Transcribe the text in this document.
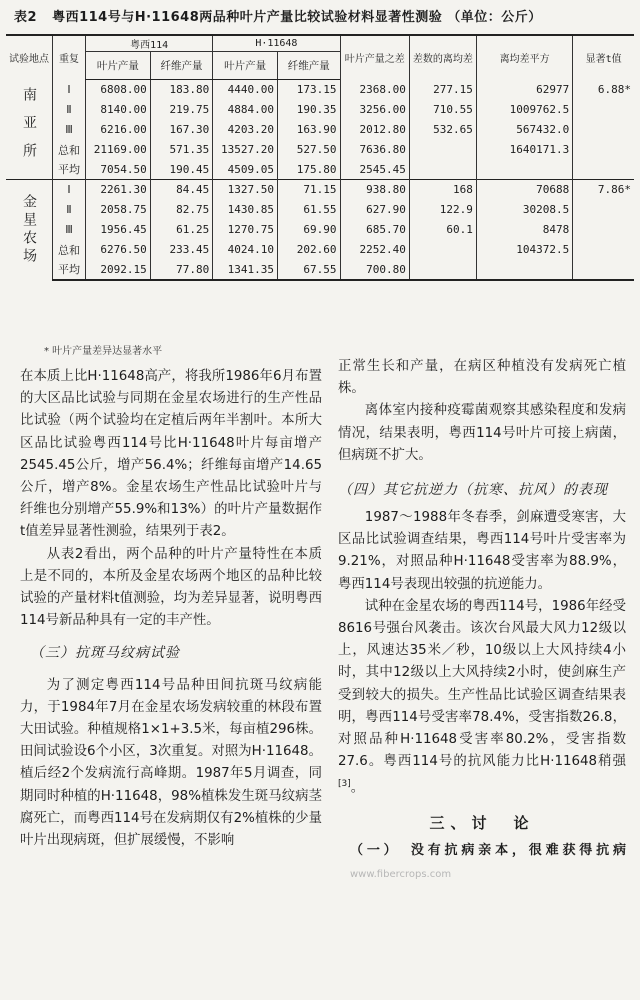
表2 粤西114号与H·11648两品种叶片产量比较试验材料显著性测验 （单位：公斤）
试验地点	重复	粤西114		H·11648		叶片产量之差	差数的离均差	离均差平方	显著t值
		叶片产量	纤维产量	叶片产量	纤维产量				
南亚所	Ⅰ	6808.00	183.80	4440.00	173.15	2368.00	277.15	62977	6.88*
	Ⅱ	8140.00	219.75	4884.00	190.35	3256.00	710.55	1009762.5	
	Ⅲ	6216.00	167.30	4203.20	163.90	2012.80	532.65	567432.0	
	总和	21169.00	571.35	13527.20	527.50	7636.80		1640171.3	
	平均	7054.50	190.45	4509.05	175.80	2545.45			
金星农场	Ⅰ	2261.30	84.45	1327.50	71.15	938.80	168	70688	7.86*
	Ⅱ	2058.75	82.75	1430.85	61.55	627.90	122.9	30208.5	
	Ⅲ	1956.45	61.25	1270.75	69.90	685.70	60.1	8478	
	总和	6276.50	233.45	4024.10	202.60	2252.40		104372.5	
	平均	2092.15	77.80	1341.35	67.55	700.80			
* 叶片产量差异达显著水平

在本质上比H·11648高产，将我所1986年6月布置的大区品比试验与同期在金星农场进行的生产性品比试验（两个试验均在定植后两年半割叶。本所大区品比试验粤西114号比H·11648叶片每亩增产2545.45公斤，增产56.4%；纤维每亩增产14.65公斤，增产8%。金星农场生产性品比试验叶片与纤维也分别增产55.9%和13%）的叶片产量数据作t值差异显著性测验，结果列于表2。

从表2看出，两个品种的叶片产量特性在本质上是不同的，本所及金星农场两个地区的品种比较试验的产量材料t值测验，均为差异显著，说明粤西114号新品种具有一定的丰产性。

（三）抗斑马纹病试验

为了测定粤西114号品种田间抗斑马纹病能力，于1984年7月在金星农场发病较重的林段布置大田试验。种植规格1×1+3.5米，每亩植296株。田间试验设6个小区，3次重复。对照为H·11648。植后经2个发病流行高峰期。1987年5月调查，同期同时种植的H·11648，98%植株发生斑马纹病茎腐死亡，而粤西114号在发病期仅有2%植株的少量叶片出现病斑，但扩展缓慢，不影响

正常生长和产量，在病区种植没有发病死亡植株。

离体室内接种疫霉菌观察其感染程度和发病情况，结果表明，粤西114号叶片可接上病菌，但病斑不扩大。

（四）其它抗逆力（抗寒、抗风）的表现

1987～1988年冬春季，剑麻遭受寒害，大区品比试验调查结果，粤西114号叶片受害率为9.21%，对照品种H·11648受害率为88.9%，粤西114号表现出较强的抗逆能力。

试种在金星农场的粤西114号，1986年经受8616号强台风袭击。该次台风最大风力12级以上，风速达35米／秒，10级以上大风持续4小时，其中12级以上大风持续2小时，使剑麻生产受到较大的损失。生产性品比试验区调查结果表明，粤西114号受害率78.4%，受害指数26.8，对照品种H·11648受害率80.2%，受害指数27.6。粤西114号的抗风能力比H·11648稍强[3]。

三、讨　论

（一）　没有抗病亲本，很难获得抗病 www.fibercrops.com
